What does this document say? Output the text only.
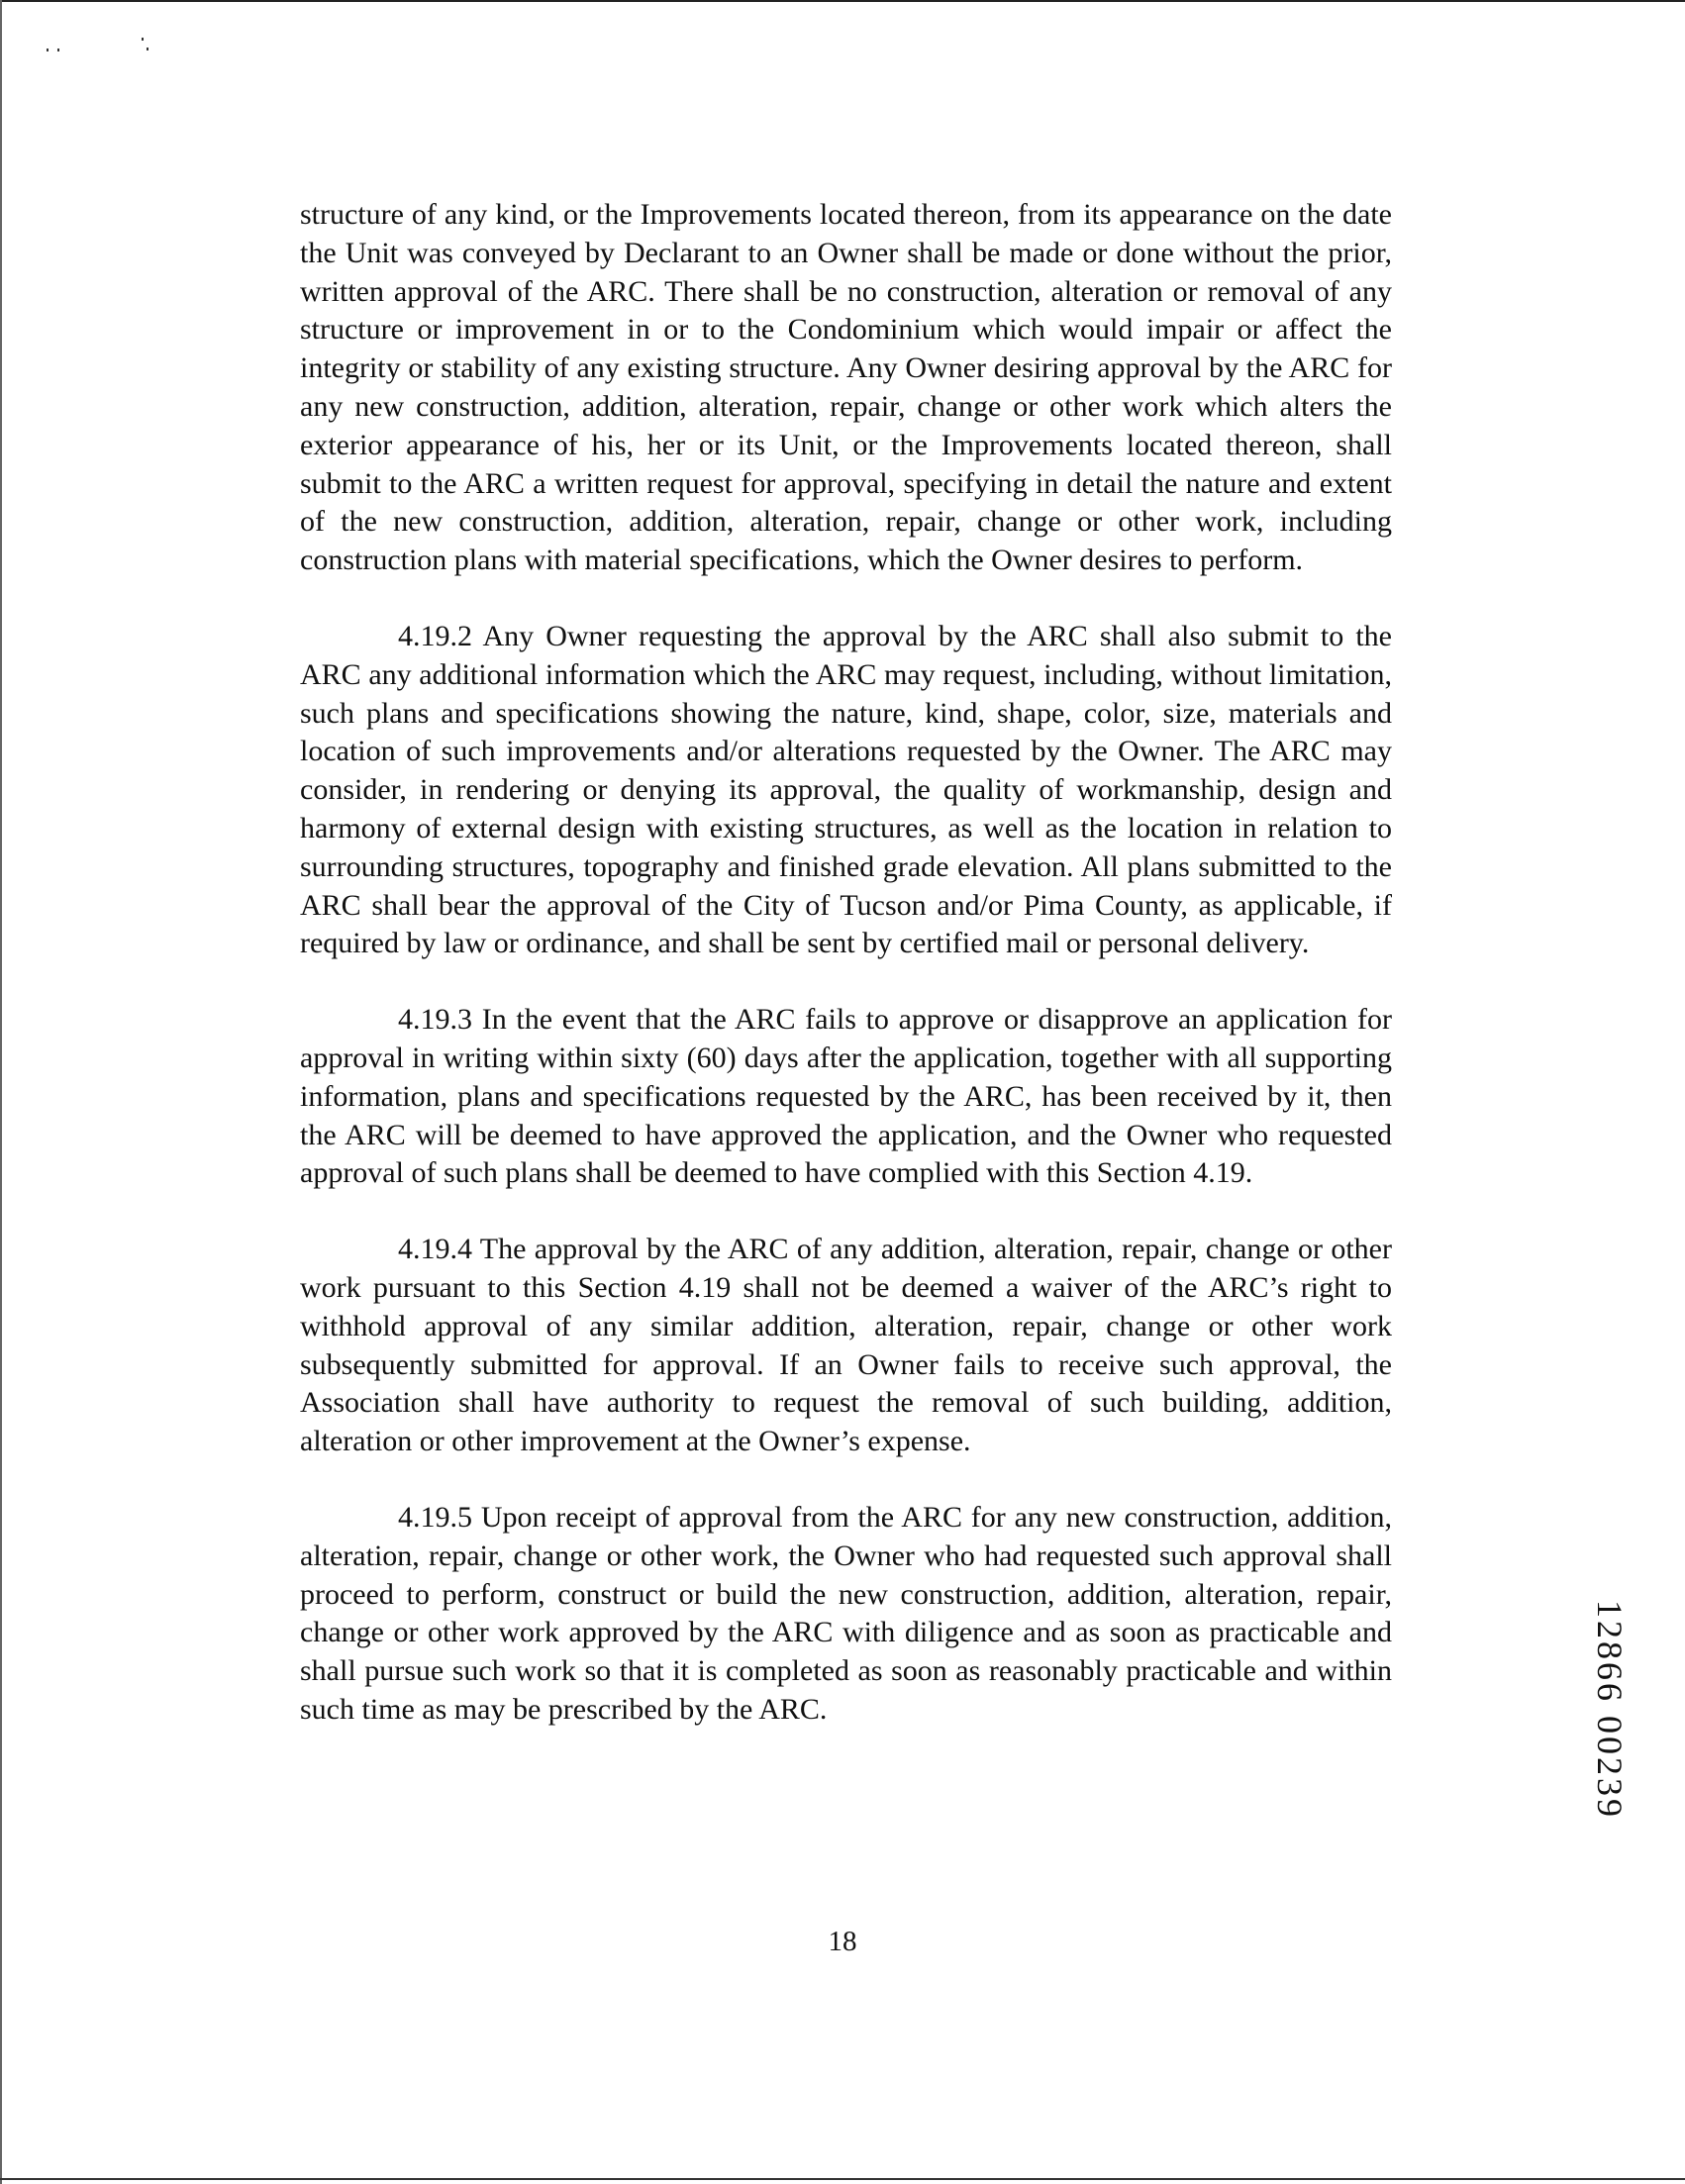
structure of any kind, or the Improvements located thereon, from its appearance on the date the Unit was conveyed by Declarant to an Owner shall be made or done without the prior, written approval of the ARC. There shall be no construction, alteration or removal of any structure or improvement in or to the Condominium which would impair or affect the integrity or stability of any existing structure. Any Owner desiring approval by the ARC for any new construction, addition, alteration, repair, change or other work which alters the exterior appearance of his, her or its Unit, or the Improvements located thereon, shall submit to the ARC a written request for approval, specifying in detail the nature and extent of the new construction, addition, alteration, repair, change or other work, including construction plans with material specifications, which the Owner desires to perform.

4.19.2 Any Owner requesting the approval by the ARC shall also submit to the ARC any additional information which the ARC may request, including, without limitation, such plans and specifications showing the nature, kind, shape, color, size, materials and location of such improvements and/or alterations requested by the Owner. The ARC may consider, in rendering or denying its approval, the quality of workmanship, design and harmony of external design with existing structures, as well as the location in relation to surrounding structures, topography and finished grade elevation. All plans submitted to the ARC shall bear the approval of the City of Tucson and/or Pima County, as applicable, if required by law or ordinance, and shall be sent by certified mail or personal delivery.

4.19.3 In the event that the ARC fails to approve or disapprove an application for approval in writing within sixty (60) days after the application, together with all supporting information, plans and specifications requested by the ARC, has been received by it, then the ARC will be deemed to have approved the application, and the Owner who requested approval of such plans shall be deemed to have complied with this Section 4.19.

4.19.4 The approval by the ARC of any addition, alteration, repair, change or other work pursuant to this Section 4.19 shall not be deemed a waiver of the ARC’s right to withhold approval of any similar addition, alteration, repair, change or other work subsequently submitted for approval. If an Owner fails to receive such approval, the Association shall have authority to request the removal of such building, addition, alteration or other improvement at the Owner’s expense.

4.19.5 Upon receipt of approval from the ARC for any new construction, addition, alteration, repair, change or other work, the Owner who had requested such approval shall proceed to perform, construct or build the new construction, addition, alteration, repair, change or other work approved by the ARC with diligence and as soon as practicable and shall pursue such work so that it is completed as soon as reasonably practicable and within such time as may be prescribed by the ARC.

18
12866 00239
